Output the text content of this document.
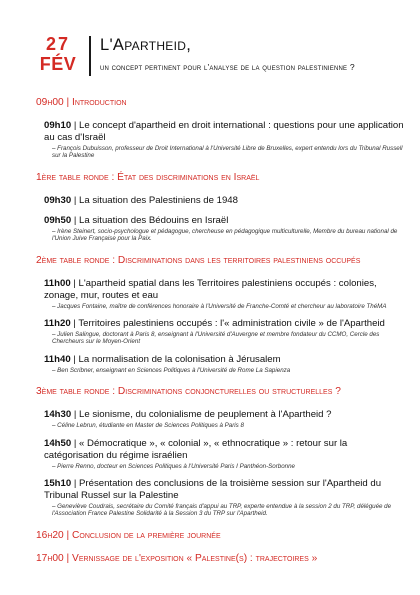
27
FÉV
L'Apartheid,
un concept pertinent pour l'analyse de la question palestinienne ?
09h00 | Introduction
09h10 | Le concept d'apartheid en droit international : questions pour une application au cas d'Israël
– François Dubuisson, professeur de Droit International à l'Université Libre de Bruxelles, expert entendu lors du Tribunal Russell sur la Palestine
1ère table ronde : État des discriminations en Israël
09h30 | La situation des Palestiniens de 1948
09h50 | La situation des Bédouins en Israël
– Irène Steinert, socio-psychologue et pédagogue, chercheuse en pédagogique multiculturelle, Membre du bureau national de l'Union Juive Française pour la Paix.
2ème table ronde : Discriminations dans les territoires palestiniens occupés
11h00 | L'apartheid spatial dans les Territoires palestiniens occupés : colonies, zonage, mur, routes et eau
– Jacques Fontaine, maître de conférences honoraire à l'Université de Franche-Comté et chercheur au laboratoire ThéMA
11h20 | Territoires palestiniens occupés : l'« administration civile » de l'Apartheid
– Julien Salingue, doctorant à Paris 8, enseignant à l'Université d'Auvergne et membre fondateur du CCMO, Cercle des Chercheurs sur le Moyen-Orient
11h40 | La normalisation de la colonisation à Jérusalem
– Ben Scribner, enseignant en Sciences Politiques à l'Université de Rome La Sapienza
3ème table ronde : Discriminations conjoncturelles ou structurelles ?
14h30 | Le sionisme, du colonialisme de peuplement à l'Apartheid ?
– Céline Lebrun, étudiante en Master de Sciences Politiques à Paris 8
14h50 | « Démocratique », « colonial », « ethnocratique » : retour sur la catégorisation du régime israélien
– Pierre Renno, docteur en Sciences Politiques à l'Université Paris I Panthéon-Sorbonne
15h10 | Présentation des conclusions de la troisième session sur l'Apartheid du Tribunal Russel sur la Palestine
– Geneviève Coudrais, secrétaire du Comité français d'appui au TRP, experte entendue à la session 2 du TRP, déléguée de l'Association France Palestine Solidarité à la Session 3 du TRP sur l'Apartheid.
16h20 | Conclusion de la première journée
17h00 | Vernissage de l'exposition « Palestine(s) : trajectoires »
